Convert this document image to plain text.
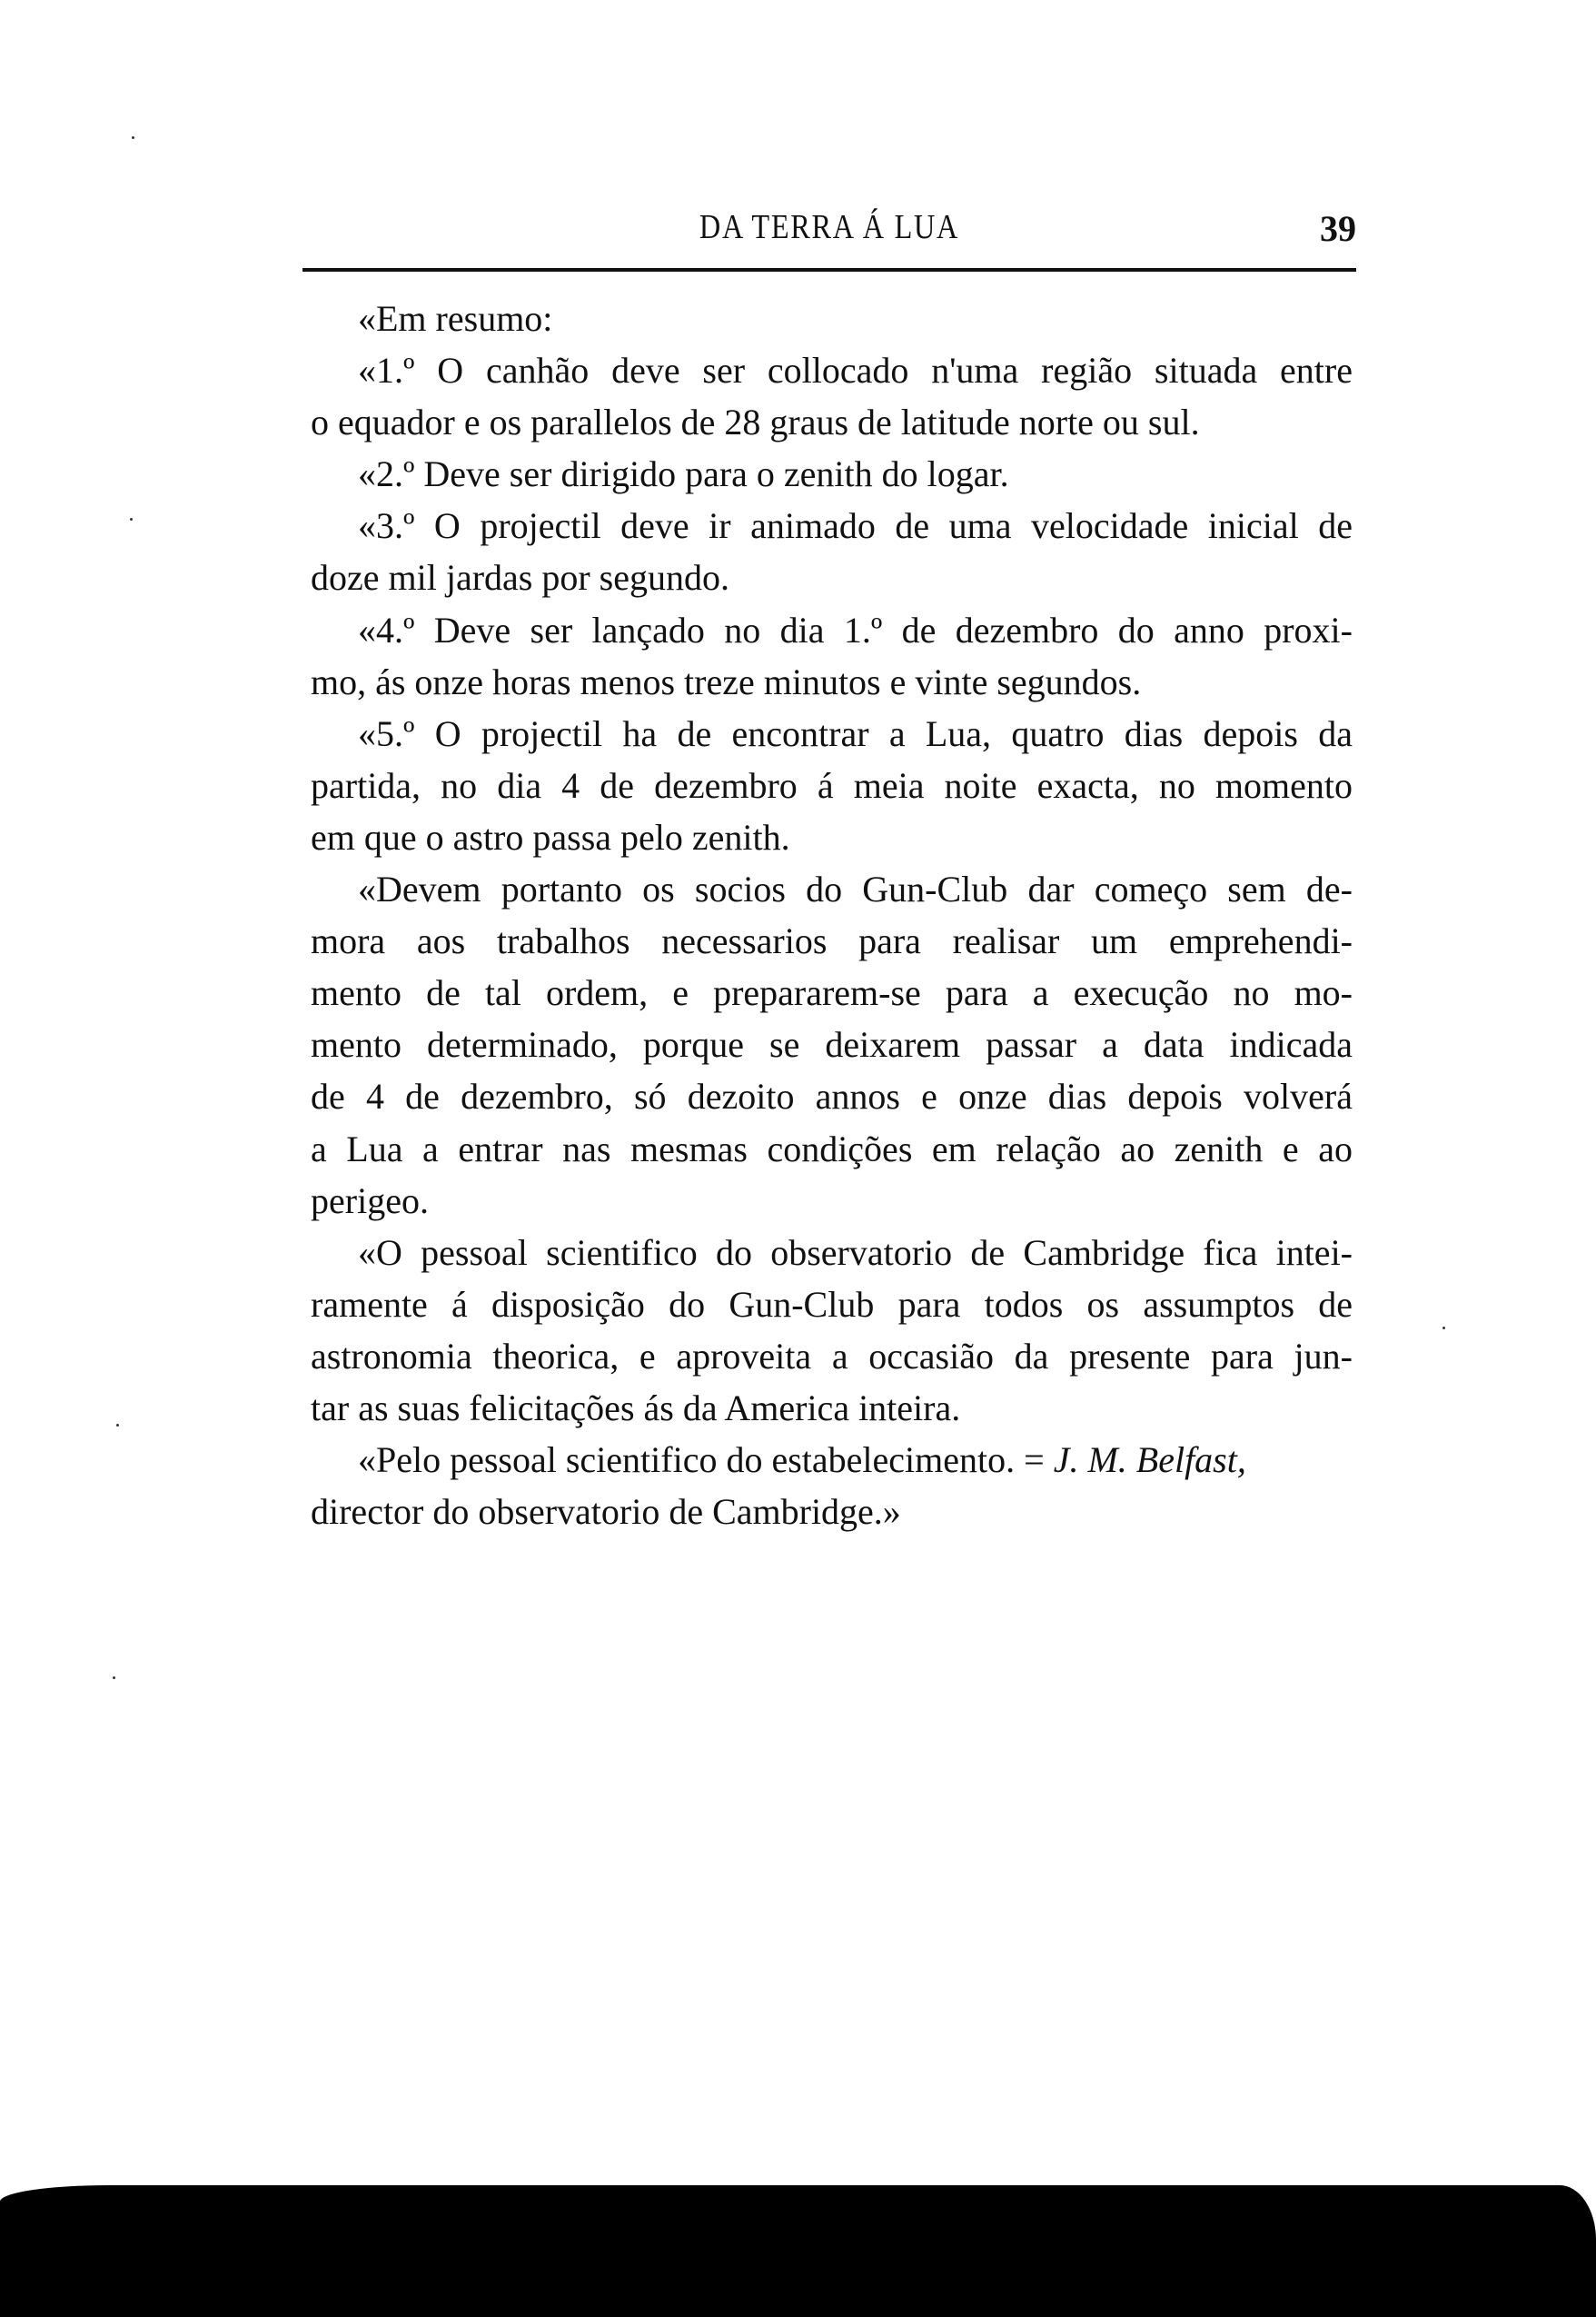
DA TERRA Á LUA	39
«Em resumo:
«1.º O canhão deve ser collocado n'uma região situada entre
o equador e os parallelos de 28 graus de latitude norte ou sul.
«2.º Deve ser dirigido para o zenith do logar.
«3.º O projectil deve ir animado de uma velocidade inicial de
doze mil jardas por segundo.
«4.º Deve ser lançado no dia 1.º de dezembro do anno proxi-
mo, ás onze horas menos treze minutos e vinte segundos.
«5.º O projectil ha de encontrar a Lua, quatro dias depois da
partida, no dia 4 de dezembro á meia noite exacta, no momento
em que o astro passa pelo zenith.
«Devem portanto os socios do Gun-Club dar começo sem de-
mora aos trabalhos necessarios para realisar um emprehendi-
mento de tal ordem, e prepararem-se para a execução no mo-
mento determinado, porque se deixarem passar a data indicada
de 4 de dezembro, só dezoito annos e onze dias depois volverá
a Lua a entrar nas mesmas condições em relação ao zenith e ao
perigeo.
«O pessoal scientifico do observatorio de Cambridge fica intei-
ramente á disposição do Gun-Club para todos os assumptos de
astronomia theorica, e aproveita a occasião da presente para jun-
tar as suas felicitações ás da America inteira.
«Pelo pessoal scientifico do estabelecimento. = J. M. Belfast,
director do observatorio de Cambridge.»
